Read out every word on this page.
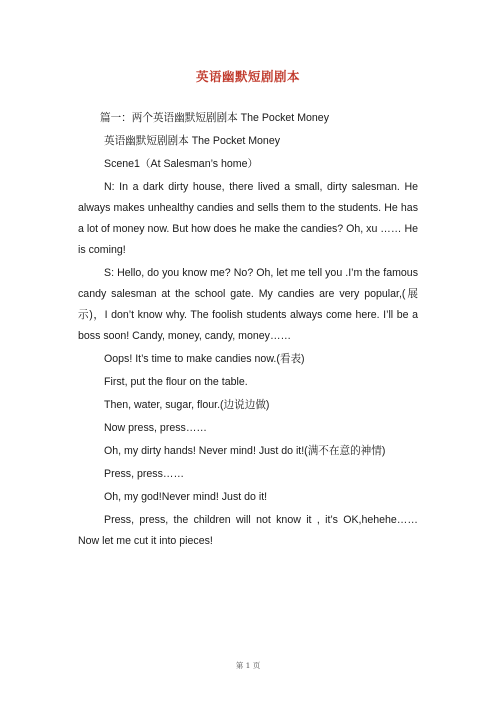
英语幽默短剧剧本

篇一：两个英语幽默短剧剧本 The Pocket Money

英语幽默短剧剧本 The Pocket Money

Scene1（At Salesman’s home）

N: In a dark dirty house, there lived a small, dirty salesman. He always makes unhealthy candies and sells them to the students. He has a lot of money now. But how does he make the candies? Oh, xu …… He is coming!

S: Hello, do you know me? No? Oh, let me tell you .I’m the famous candy salesman at the school gate. My candies are very popular,(展示)，I don’t know why. The foolish students always come here. I’ll be a boss soon! Candy, money, candy, money……

Oops! It’s time to make candies now.(看表)

First, put the flour on the table.

Then, water, sugar, flour.(边说边做)

Now press, press……

Oh, my dirty hands! Never mind! Just do it!(满不在意的神情)

Press, press……

Oh, my god!Never mind! Just do it!

Press, press, the children will not know it , it’s OK,hehehe…… Now let me cut it into pieces!

第 1 页
